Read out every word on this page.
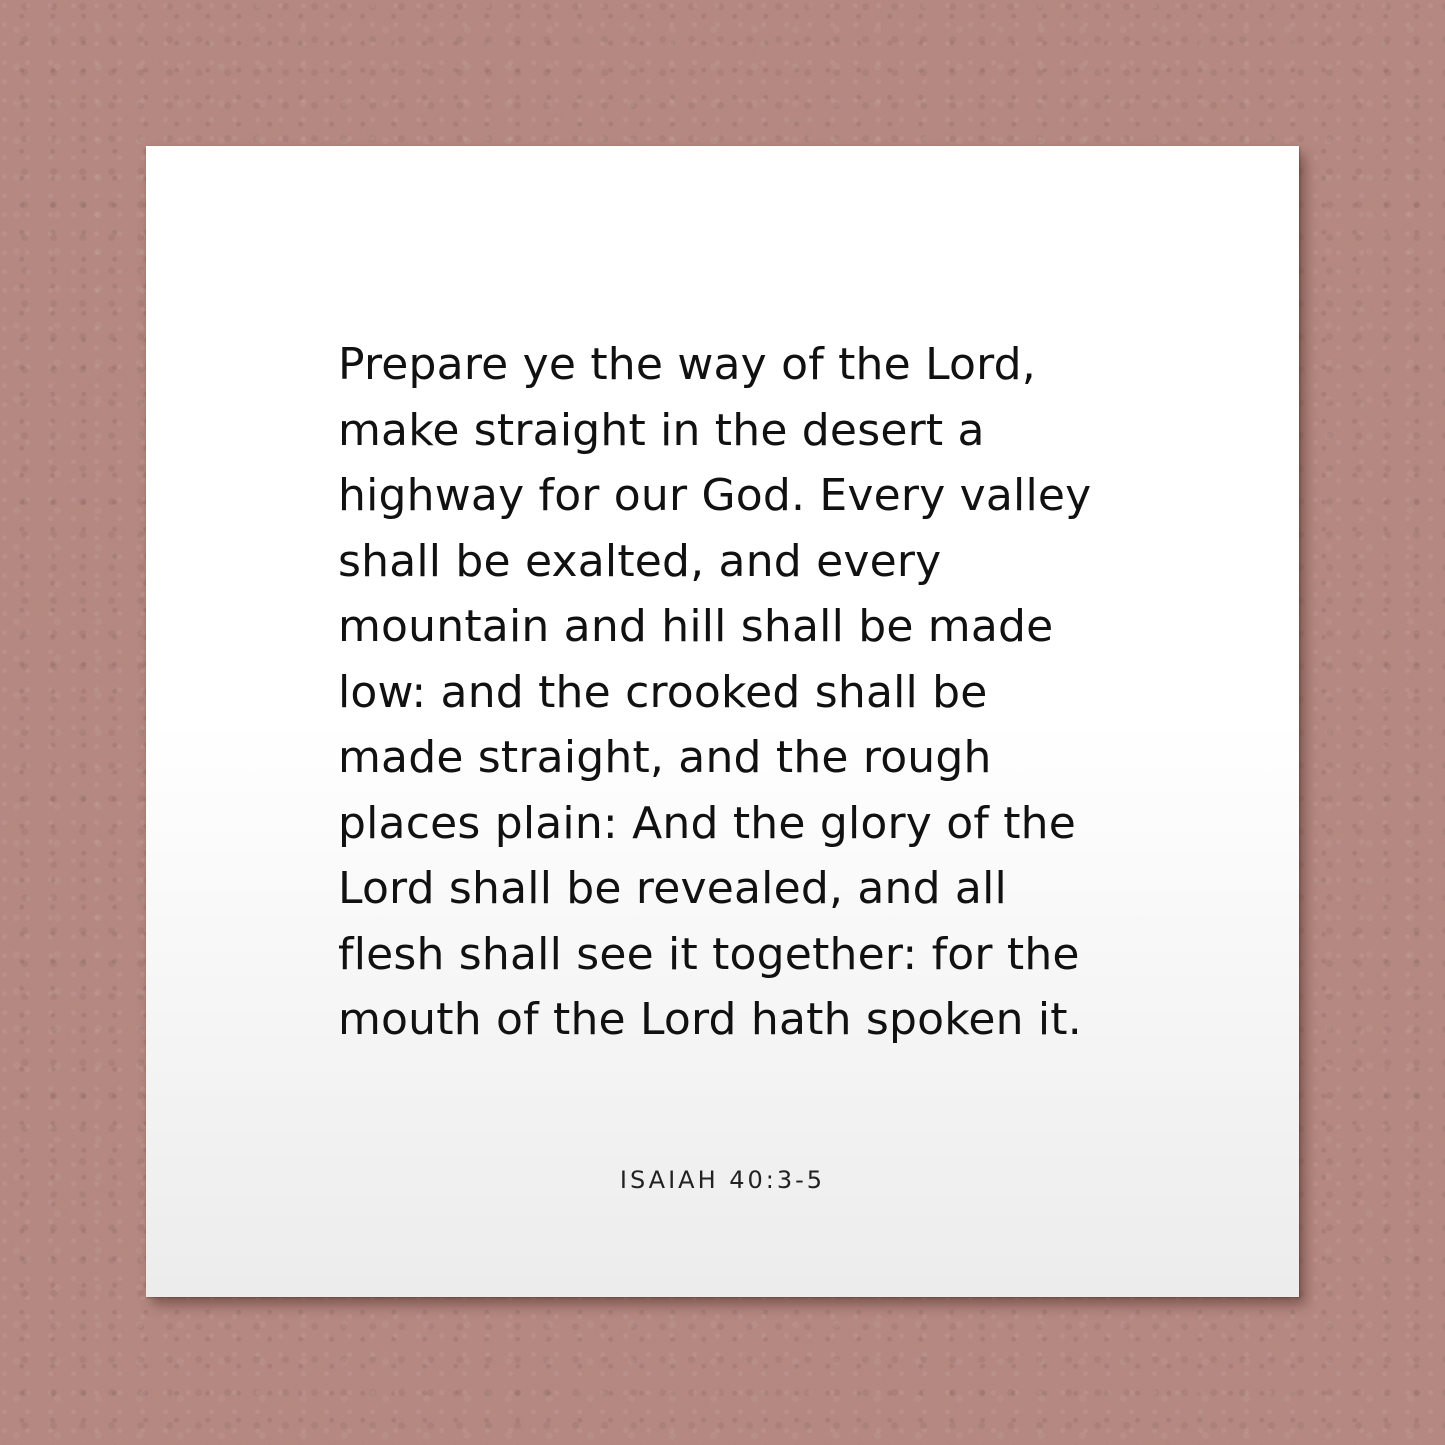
Prepare ye the way of the Lord,
make straight in the desert a
highway for our God. Every valley
shall be exalted, and every
mountain and hill shall be made
low: and the crooked shall be
made straight, and the rough
places plain: And the glory of the
Lord shall be revealed, and all
flesh shall see it together: for the
mouth of the Lord hath spoken it.
ISAIAH 40:3-5
